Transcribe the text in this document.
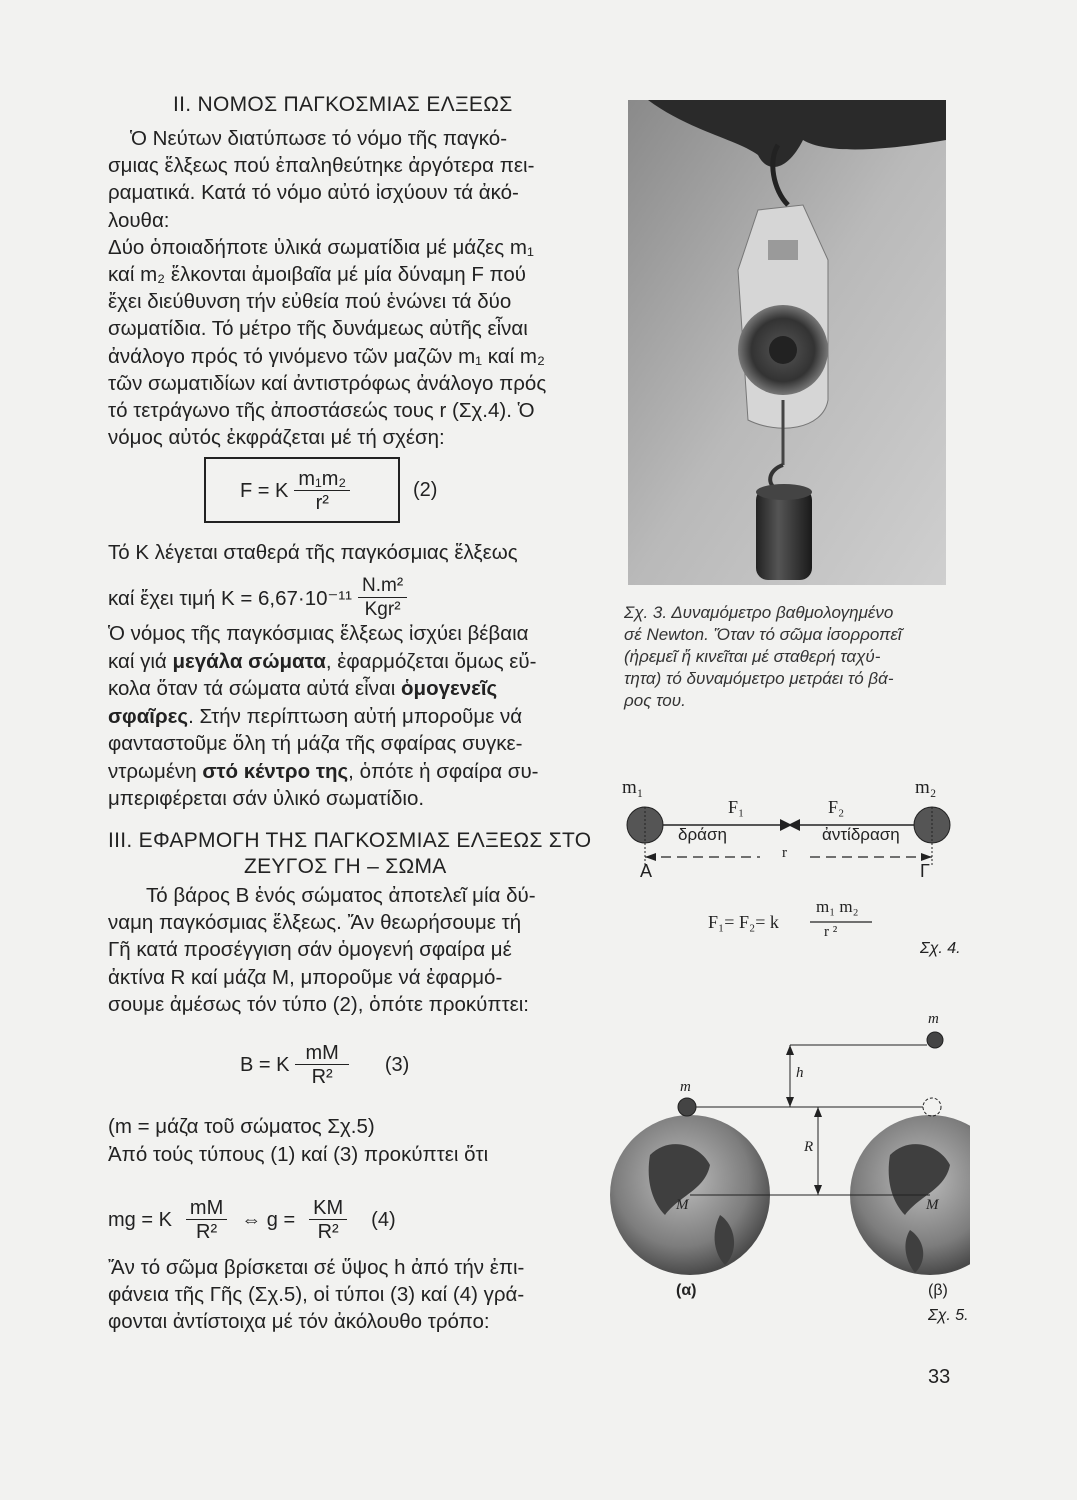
ΙΙ. ΝΟΜΟΣ ΠΑΓΚΟΣΜΙΑΣ ΕΛΞΕΩΣ
Ὁ Νεύτων διατύπωσε τό νόμο τῆς παγκό-
σμιας ἕλξεως πού ἐπαληθεύτηκε ἀργότερα πει-
ραματικά. Κατά τό νόμο αὐτό ἰσχύουν τά ἀκό-
λουθα:
Δύο ὁποιαδήποτε ὑλικά σωματίδια μέ μάζες m₁
καί m₂ ἕλκονται ἀμοιβαῖα μέ μία δύναμη F πού
ἔχει διεύθυνση τήν εὐθεία πού ἑνώνει τά δύο
σωματίδια. Τό μέτρο τῆς δυνάμεως αὐτῆς εἶναι
ἀνάλογο πρός τό γινόμενο τῶν μαζῶν m₁ καί m₂
τῶν σωματιδίων καί ἀντιστρόφως ἀνάλογο πρός
τό τετράγωνο τῆς ἀποστάσεώς τους r (Σχ.4). Ὁ
νόμος αὐτός ἐκφράζεται μέ τή σχέση:
F = K $\frac{\text{m₁m₂}}{\text{r²}}$	(2)
Τό K λέγεται σταθερά τῆς παγκόσμιας ἕλξεως
καί ἔχει τιμή $K = 6,67\cdot 10^{-11} \frac{\text{N.m²}}{\text{Kgr²}}$
Ὁ νόμος τῆς παγκόσμιας ἕλξεως ἰσχύει βέβαια
καί γιά μεγάλα σώματα, ἐφαρμόζεται ὅμως εὔ-
κολα ὅταν τά σώματα αὐτά εἶναι ὁμογενεῖς
σφαῖρες. Στήν περίπτωση αὐτή μποροῦμε νά
φανταστοῦμε ὅλη τή μάζα τῆς σφαίρας συγκε-
ντρωμένη στό κέντρο της, ὁπότε ἡ σφαίρα συ-
μπεριφέρεται σάν ὑλικό σωματίδιο.
ΙΙΙ. ΕΦΑΡΜΟΓΗ ΤΗΣ ΠΑΓΚΟΣΜΙΑΣ ΕΛΞΕΩΣ ΣΤΟ
ΖΕΥΓΟΣ ΓΗ – ΣΩΜΑ
Τό βάρος B ἑνός σώματος ἀποτελεῖ μία δύ-
ναμη παγκόσμιας ἕλξεως. Ἄν θεωρήσουμε τή
Γῆ κατά προσέγγιση σάν ὁμογενή σφαίρα μέ
ἀκτίνα R καί μάζα M, μποροῦμε νά ἐφαρμό-
σουμε ἀμέσως τόν τύπο (2), ὁπότε προκύπτει:
B = K $\frac{mM}{\text{R²}} (3)$
(m = μάζα τοῦ σώματος Σχ.5)
Ἀπό τούς τύπους (1) καί (3) προκύπτει ὅτι
mg = K $\frac{mM}{\text{R²}}$ ⇔ $g = \frac{KM}{\text{R²}} (4)$
Ἄν τό σῶμα βρίσκεται σέ ὕψος h ἀπό τήν ἐπι-
φάνεια τῆς Γῆς (Σχ.5), οἱ τύποι (3) καί (4) γρά-
φονται ἀντίστοιχα μέ τόν ἀκόλουθο τρόπο:
Σχ. 3. Δυναμόμετρο βαθμολογημένο
σέ Newton. Ὅταν τό σῶμα ἰσορροπεῖ
(ἠρεμεῖ ἤ κινεῖται μέ σταθερή ταχύ-
τητα) τό δυναμόμετρο μετράει τό βά-
ρος του.
m₁	m₂
F₁	F₂
δράση	ἀντίδραση
r
A	Γ
F₁= F₂= k
m₁ m₂
r ²
Σχ. 4.
m
m
h
R
M	M
(α)	(β)
Σχ. 5.
33
